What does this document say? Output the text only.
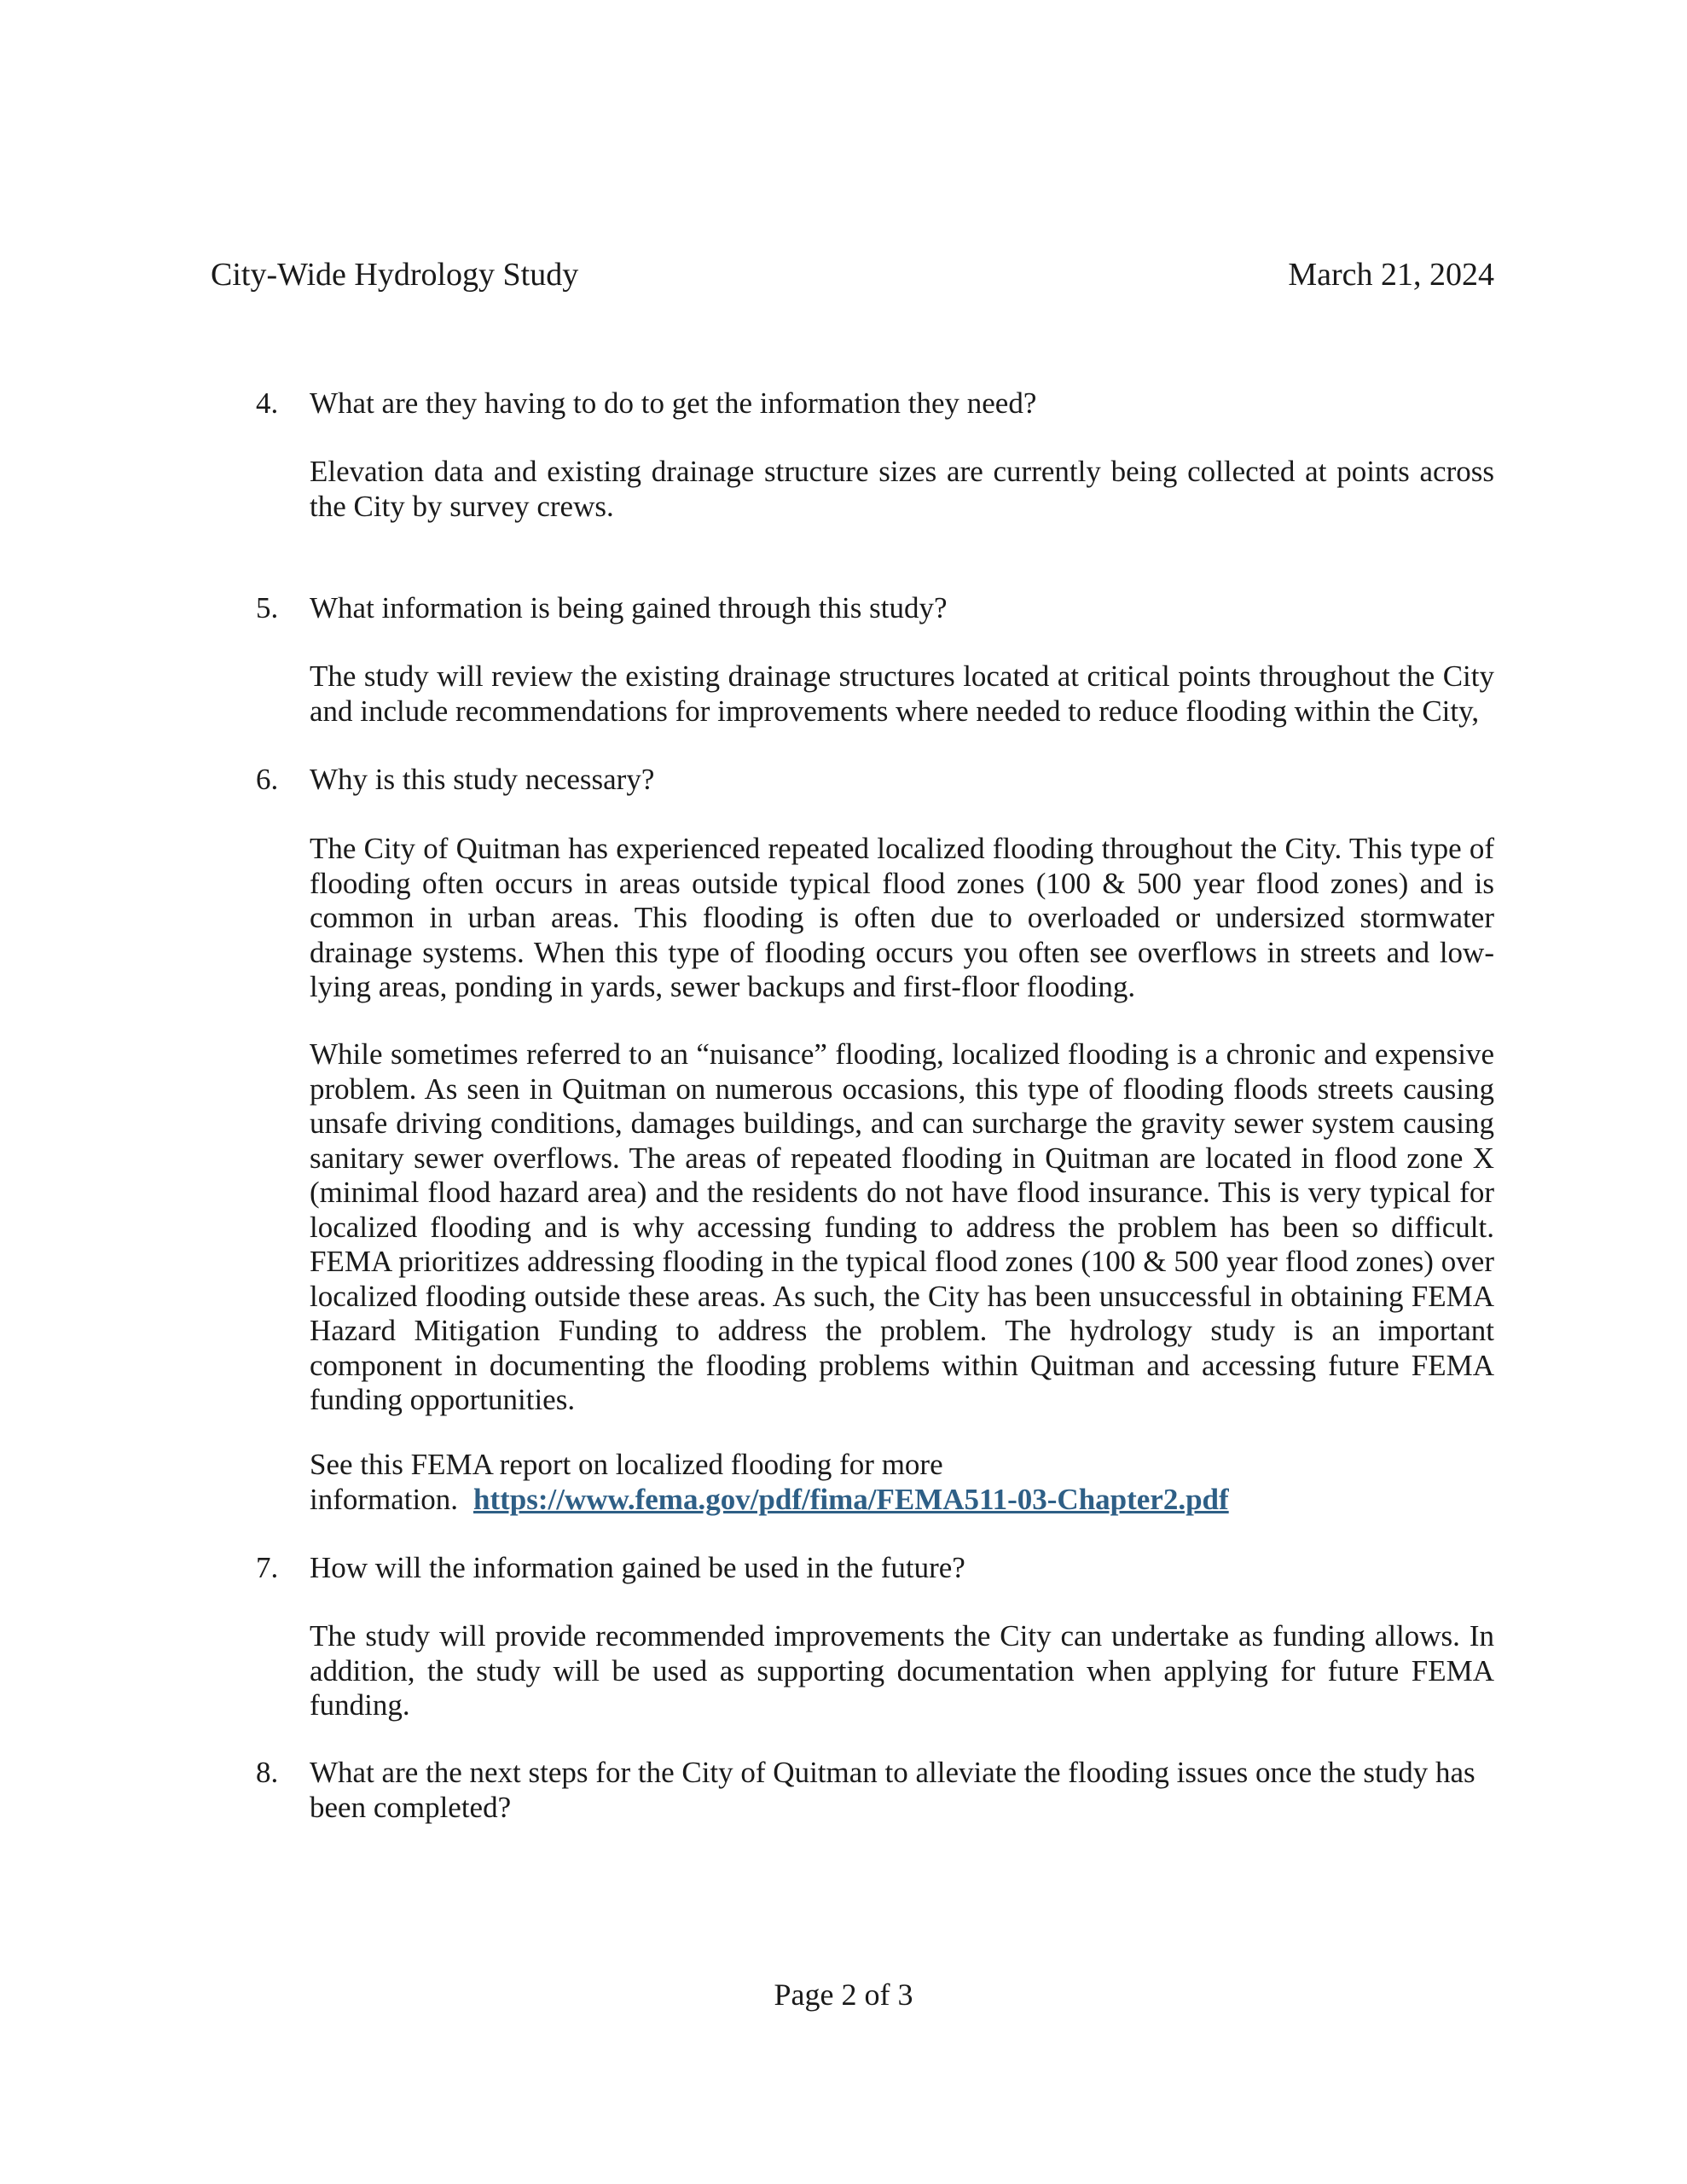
City-Wide Hydrology Study	March 21, 2024
4.	What are they having to do to get the information they need?
Elevation data and existing drainage structure sizes are currently being collected at points across the City by survey crews.
5.	What information is being gained through this study?
The study will review the existing drainage structures located at critical points throughout the City and include recommendations for improvements where needed to reduce flooding within the City,
6.	Why is this study necessary?
The City of Quitman has experienced repeated localized flooding throughout the City. This type of flooding often occurs in areas outside typical flood zones (100 & 500 year flood zones) and is common in urban areas. This flooding is often due to overloaded or undersized stormwater drainage systems. When this type of flooding occurs you often see overflows in streets and low-lying areas, ponding in yards, sewer backups and first-floor flooding.
While sometimes referred to an “nuisance” flooding, localized flooding is a chronic and expensive problem. As seen in Quitman on numerous occasions, this type of flooding floods streets causing unsafe driving conditions, damages buildings, and can surcharge the gravity sewer system causing sanitary sewer overflows. The areas of repeated flooding in Quitman are located in flood zone X (minimal flood hazard area) and the residents do not have flood insurance. This is very typical for localized flooding and is why accessing funding to address the problem has been so difficult. FEMA prioritizes addressing flooding in the typical flood zones (100 & 500 year flood zones) over localized flooding outside these areas. As such, the City has been unsuccessful in obtaining FEMA Hazard Mitigation Funding to address the problem. The hydrology study is an important component in documenting the flooding problems within Quitman and accessing future FEMA funding opportunities.
See this FEMA report on localized flooding for more
information. https://www.fema.gov/pdf/fima/FEMA511-03-Chapter2.pdf
7.	How will the information gained be used in the future?
The study will provide recommended improvements the City can undertake as funding allows. In addition, the study will be used as supporting documentation when applying for future FEMA funding.
8.	What are the next steps for the City of Quitman to alleviate the flooding issues once the study has been completed?
Page 2 of 3
